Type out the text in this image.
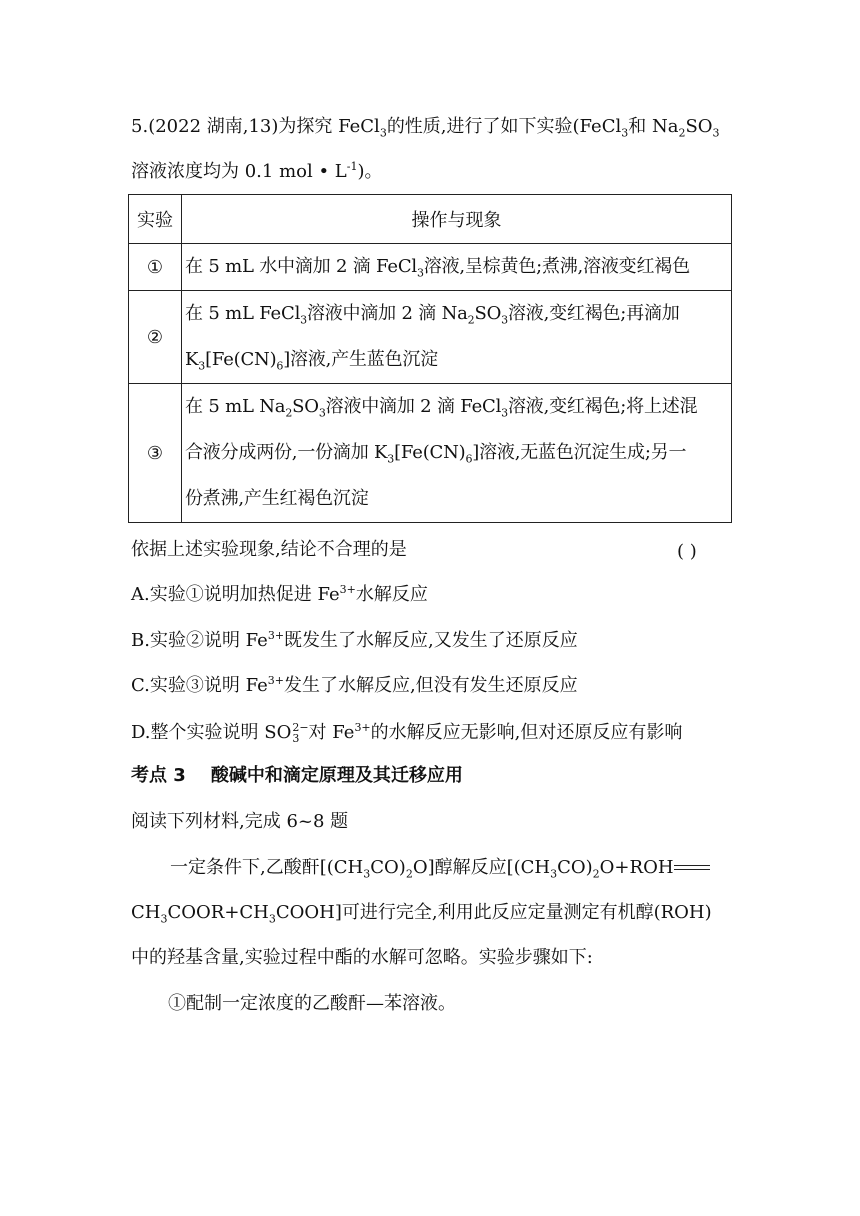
5.(2022 湖南,13)为探究 FeCl$_3$的性质,进行了如下实验(FeCl$_3$和 $Na_2SO_3$
溶液浓度均为 0.1 mol • $L^{-1}$)。
实验	操作与现象
①	在 5 mL 水中滴加 2 滴 FeCl$_3$溶液,呈棕黄色;煮沸,溶液变红褐色
②	在 5 mL FeCl$_3$溶液中滴加 2 滴 $Na_2SO_3$溶液,变红褐色;再滴加
$K_3[Fe(CN)_6]$溶液,产生蓝色沉淀

③	在 5 mL $Na_2SO_3$溶液中滴加 2 滴 FeCl$_3$溶液,变红褐色;将上述混
合液分成两份,一份滴加 $K_3[Fe(CN)_6]$溶液,无蓝色沉淀生成;另一
份煮沸,产生红褐色沉淀
依据上述实验现象,结论不合理的是	( )
A.实验①说明加热促进 $Fe^{3+}$水解反应
B.实验②说明 $Fe^{3+}$既发生了水解反应,又发生了还原反应
C.实验③说明 $Fe^{3+}$发生了水解反应,但没有发生还原反应
D.整个实验说明 SO 2−
3 对 $Fe^{3+}$的水解反应无影响,但对还原反应有影响
考点 3    酸碱中和滴定原理及其迁移应用
阅读下列材料,完成 6~8 题
一定条件下,乙酸酐$[(CH_3CO)_2O]$醇解反应[$(CH_3CO)_2O+ROH$
$CH_3COOR+CH_3COOH$]可进行完全,利用此反应定量测定有机醇(ROH)
中的羟基含量,实验过程中酯的水解可忽略。实验步骤如下:
①配制一定浓度的乙酸酐—苯溶液。
